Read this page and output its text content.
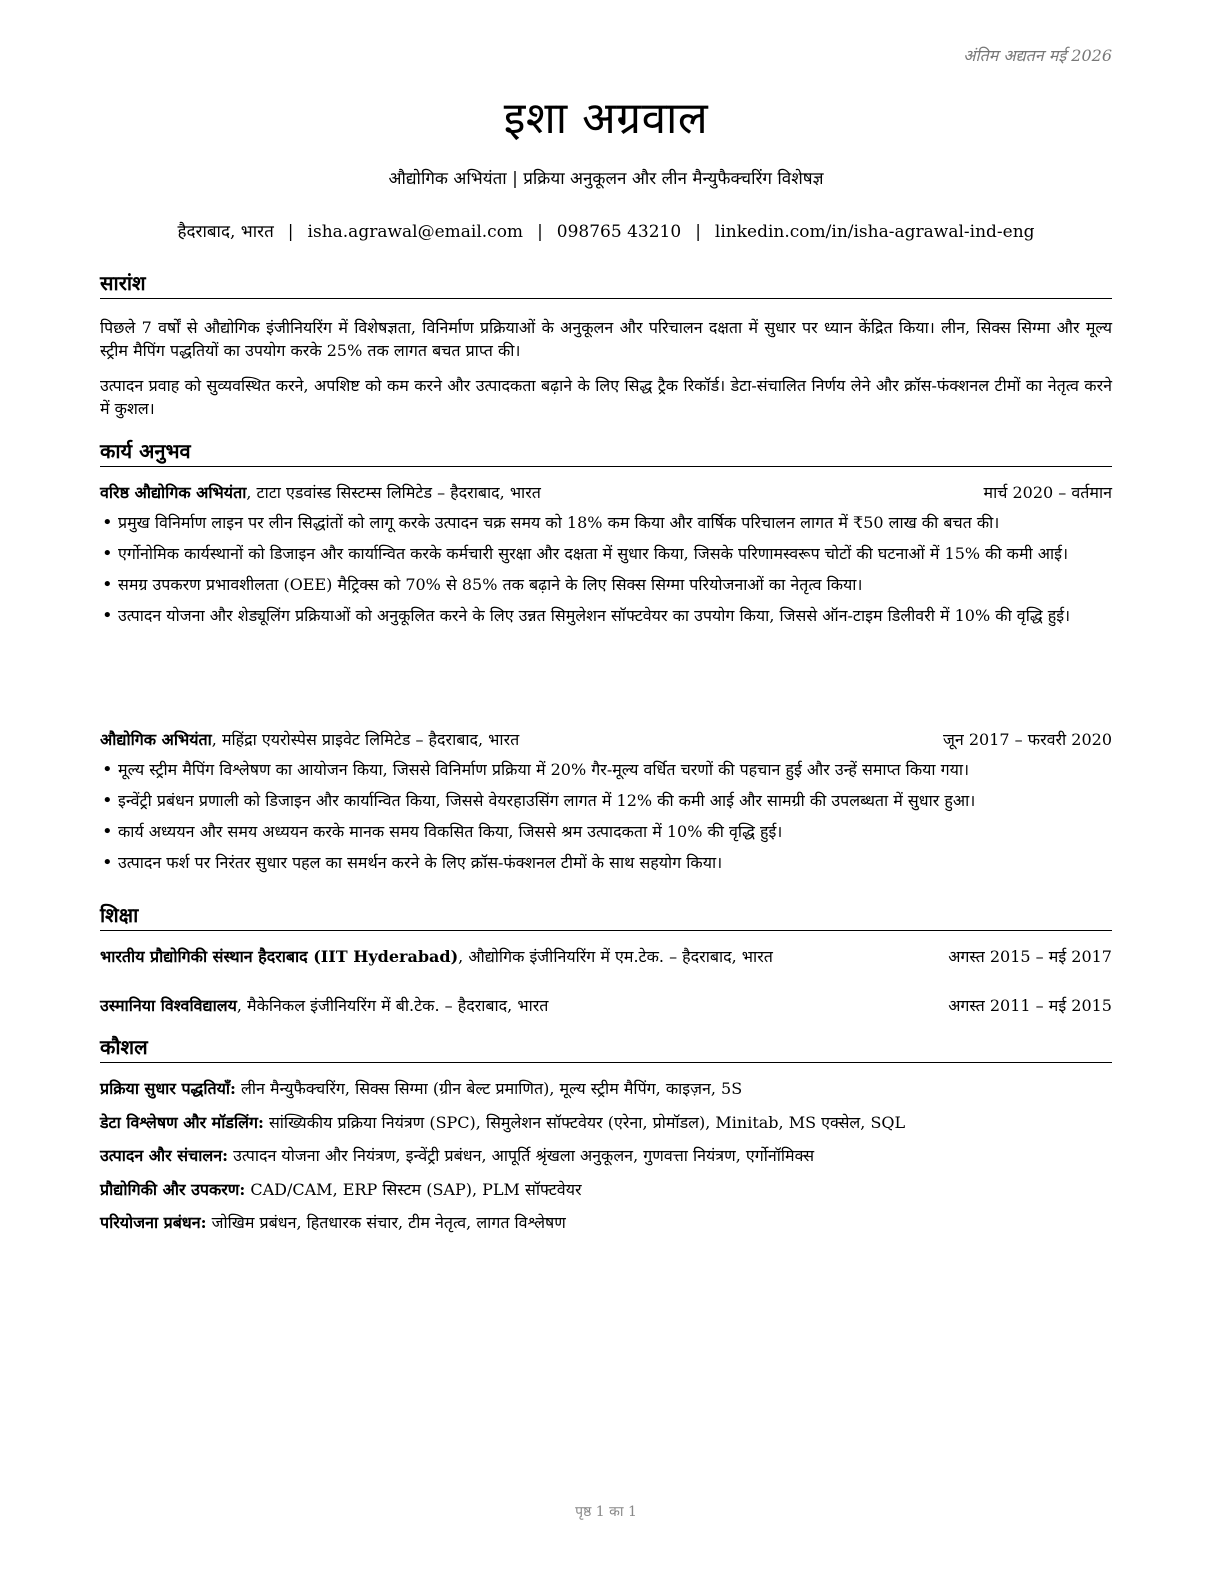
अंतिम अद्यतन मई 2026
इशा अग्रवाल
औद्योगिक अभियंता | प्रक्रिया अनुकूलन और लीन मैन्युफैक्चरिंग विशेषज्ञ
हैदराबाद, भारत | isha.agrawal@email.com | 098765 43210 | linkedin.com/in/isha-agrawal-ind-eng
सारांश
पिछले 7 वर्षों से औद्योगिक इंजीनियरिंग में विशेषज्ञता, विनिर्माण प्रक्रियाओं के अनुकूलन और परिचालन दक्षता में सुधार पर ध्यान केंद्रित किया। लीन, सिक्स सिग्मा और मूल्य स्ट्रीम मैपिंग पद्धतियों का उपयोग करके 25% तक लागत बचत प्राप्त की।
उत्पादन प्रवाह को सुव्यवस्थित करने, अपशिष्ट को कम करने और उत्पादकता बढ़ाने के लिए सिद्ध ट्रैक रिकॉर्ड। डेटा-संचालित निर्णय लेने और क्रॉस-फंक्शनल टीमों का नेतृत्व करने में कुशल।
कार्य अनुभव
वरिष्ठ औद्योगिक अभियंता, टाटा एडवांस्ड सिस्टम्स लिमिटेड – हैदराबाद, भारत	मार्च 2020 – वर्तमान
• प्रमुख विनिर्माण लाइन पर लीन सिद्धांतों को लागू करके उत्पादन चक्र समय को 18% कम किया और वार्षिक परिचालन लागत में ₹50 लाख की बचत की।
• एर्गोनोमिक कार्यस्थानों को डिजाइन और कार्यान्वित करके कर्मचारी सुरक्षा और दक्षता में सुधार किया, जिसके परिणामस्वरूप चोटों की घटनाओं में 15% की कमी आई।
• समग्र उपकरण प्रभावशीलता (OEE) मैट्रिक्स को 70% से 85% तक बढ़ाने के लिए सिक्स सिग्मा परियोजनाओं का नेतृत्व किया।
• उत्पादन योजना और शेड्यूलिंग प्रक्रियाओं को अनुकूलित करने के लिए उन्नत सिमुलेशन सॉफ्टवेयर का उपयोग किया, जिससे ऑन-टाइम डिलीवरी में 10% की वृद्धि हुई।
औद्योगिक अभियंता, महिंद्रा एयरोस्पेस प्राइवेट लिमिटेड – हैदराबाद, भारत	जून 2017 – फरवरी 2020
• मूल्य स्ट्रीम मैपिंग विश्लेषण का आयोजन किया, जिससे विनिर्माण प्रक्रिया में 20% गैर-मूल्य वर्धित चरणों की पहचान हुई और उन्हें समाप्त किया गया।
• इन्वेंट्री प्रबंधन प्रणाली को डिजाइन और कार्यान्वित किया, जिससे वेयरहाउसिंग लागत में 12% की कमी आई और सामग्री की उपलब्धता में सुधार हुआ।
• कार्य अध्ययन और समय अध्ययन करके मानक समय विकसित किया, जिससे श्रम उत्पादकता में 10% की वृद्धि हुई।
• उत्पादन फर्श पर निरंतर सुधार पहल का समर्थन करने के लिए क्रॉस-फंक्शनल टीमों के साथ सहयोग किया।
शिक्षा
भारतीय प्रौद्योगिकी संस्थान हैदराबाद (IIT Hyderabad), औद्योगिक इंजीनियरिंग में एम.टेक. – हैदराबाद, भारत	अगस्त 2015 – मई 2017
उस्मानिया विश्वविद्यालय, मैकेनिकल इंजीनियरिंग में बी.टेक. – हैदराबाद, भारत	अगस्त 2011 – मई 2015
कौशल
प्रक्रिया सुधार पद्धतियाँ: लीन मैन्युफैक्चरिंग, सिक्स सिग्मा (ग्रीन बेल्ट प्रमाणित), मूल्य स्ट्रीम मैपिंग, काइज़न, 5S
डेटा विश्लेषण और मॉडलिंग: सांख्यिकीय प्रक्रिया नियंत्रण (SPC), सिमुलेशन सॉफ्टवेयर (एरेना, प्रोमॉडल), Minitab, MS एक्सेल, SQL
उत्पादन और संचालन: उत्पादन योजना और नियंत्रण, इन्वेंट्री प्रबंधन, आपूर्ति श्रृंखला अनुकूलन, गुणवत्ता नियंत्रण, एर्गोनॉमिक्स
प्रौद्योगिकी और उपकरण: CAD/CAM, ERP सिस्टम (SAP), PLM सॉफ्टवेयर
परियोजना प्रबंधन: जोखिम प्रबंधन, हितधारक संचार, टीम नेतृत्व, लागत विश्लेषण
पृष्ठ 1 का 1
